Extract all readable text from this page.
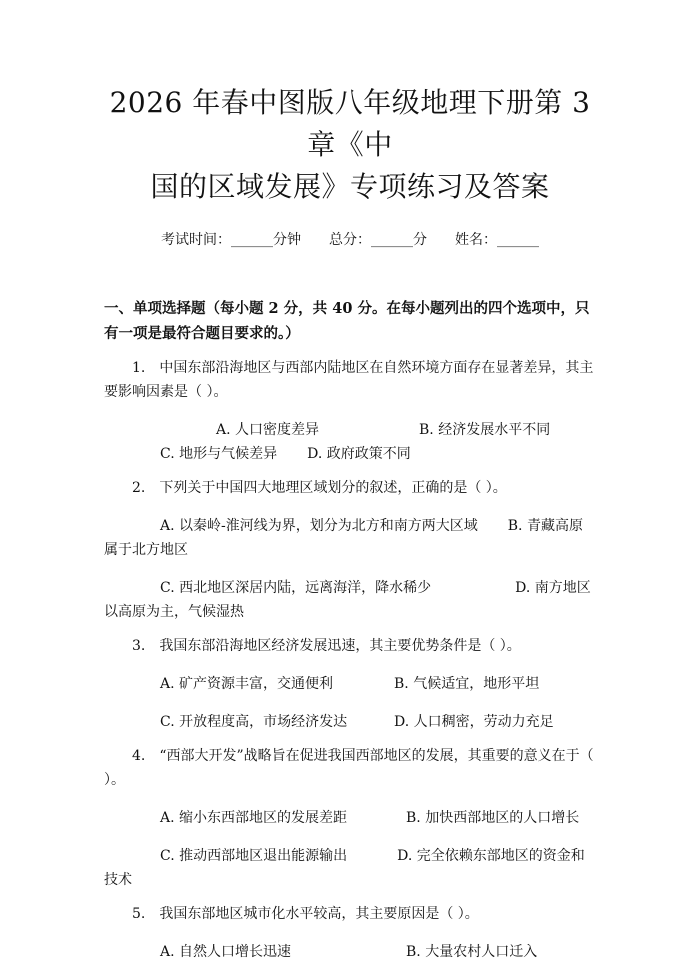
2026 年春中图版八年级地理下册第 3 章《中
国的区域发展》专项练习及答案
考试时间：______分钟 总分：______分 姓名：______
一、单项选择题（每小题 2 分，共 40 分。在每小题列出的四个选项中，只有一项是最符合题目要求的。）
1.　中国东部沿海地区与西部内陆地区在自然环境方面存在显著差异，其主要影响因素是（ ）。
A. 人口密度差异	B. 经济发展水平不同C. 地形与气候差异 D. 政府政策不同
2.　下列关于中国四大地理区域划分的叙述，正确的是（ ）。
A. 以秦岭-淮河线为界，划分为北方和南方两大区域 B. 青藏高原属于北方地区
C. 西北地区深居内陆，远离海洋，降水稀少	D. 南方地区以高原为主，气候湿热
3.　我国东部沿海地区经济发展迅速，其主要优势条件是（ ）。
A. 矿产资源丰富，交通便利	B. 气候适宜，地形平坦
C. 开放程度高，市场经济发达	D. 人口稠密，劳动力充足
4.　“西部大开发”战略旨在促进我国西部地区的发展，其重要的意义在于（ ）。
A. 缩小东西部地区的发展差距	B. 加快西部地区的人口增长
C. 推动西部地区退出能源输出	D. 完全依赖东部地区的资金和技术
5.　我国东部地区城市化水平较高，其主要原因是（ ）。
A. 自然人口增长迅速	B. 大量农村人口迁入
